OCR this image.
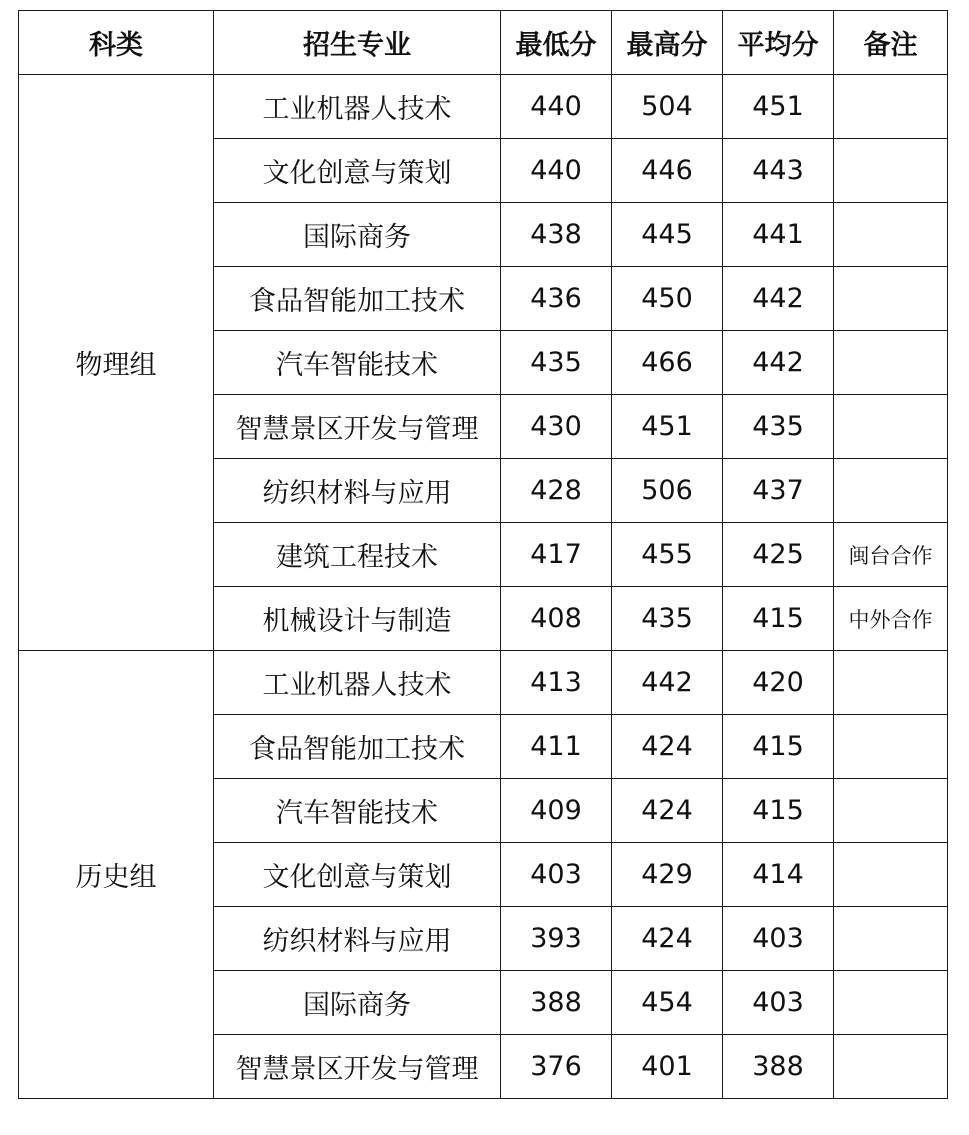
科类	招生专业	最低分	最高分	平均分	备注
物理组	工业机器人技术	440	504	451	
	文化创意与策划	440	446	443	
	国际商务	438	445	441	
	食品智能加工技术	436	450	442	
	汽车智能技术	435	466	442	
	智慧景区开发与管理	430	451	435	
	纺织材料与应用	428	506	437	
	建筑工程技术	417	455	425	闽台合作
	机械设计与制造	408	435	415	中外合作
历史组	工业机器人技术	413	442	420	
	食品智能加工技术	411	424	415	
	汽车智能技术	409	424	415	
	文化创意与策划	403	429	414	
	纺织材料与应用	393	424	403	
	国际商务	388	454	403	
	智慧景区开发与管理	376	401	388	
